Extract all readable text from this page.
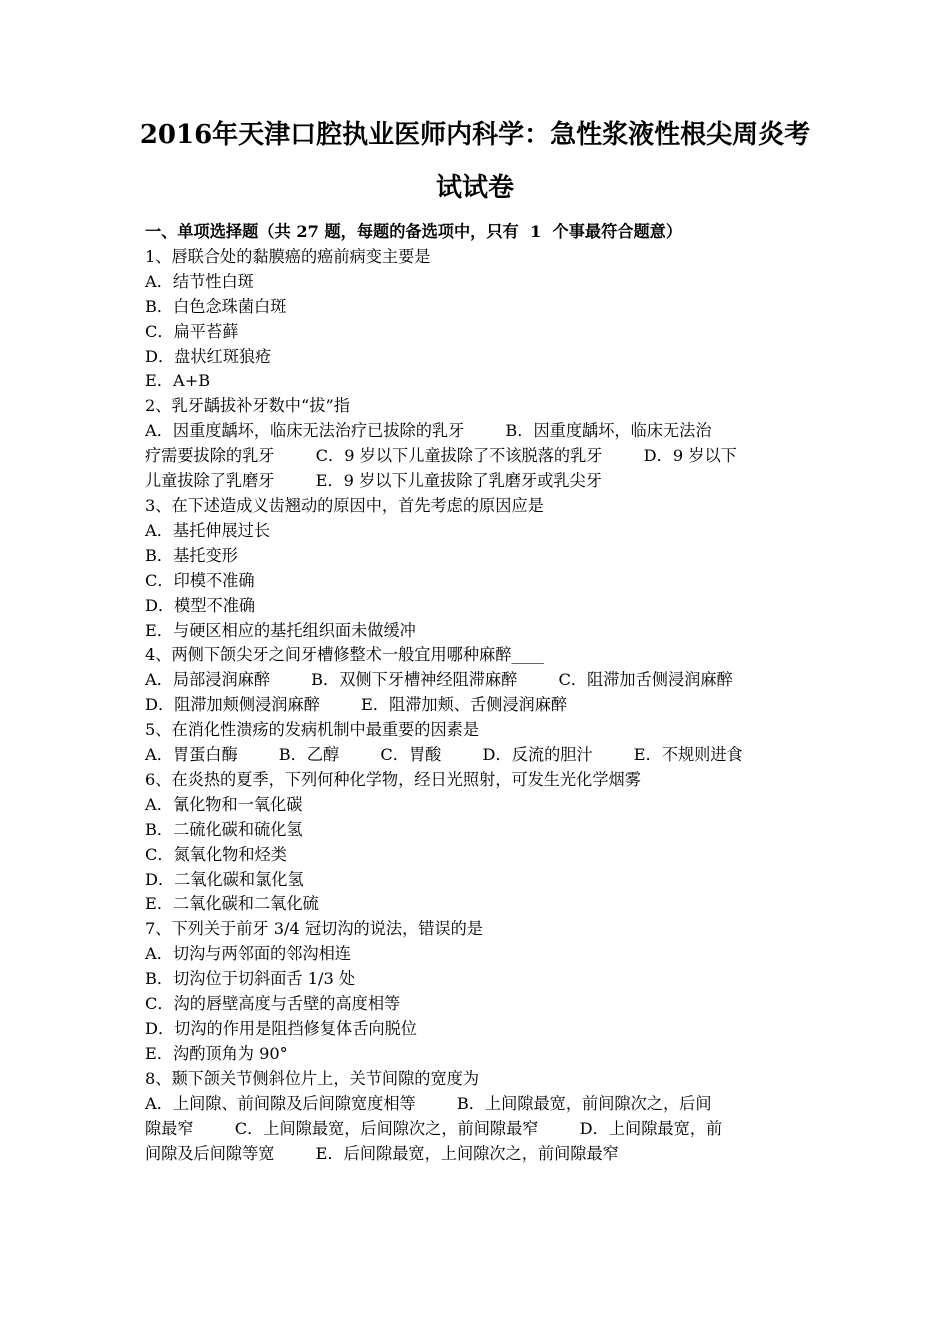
2016年天津口腔执业医师内科学：急性浆液性根尖周炎考
试试卷
一、单项选择题（共 27 题，每题的备选项中，只有  1  个事最符合题意）
1、唇联合处的黏膜癌的癌前病变主要是
A．结节性白斑
B．白色念珠菌白斑
C．扁平苔藓
D．盘状红斑狼疮
E．A+B
2、乳牙龋拔补牙数中“拔”指
A．因重度龋坏，临床无法治疗已拔除的乳牙        B．因重度龋坏，临床无法治
疗需要拔除的乳牙        C．9 岁以下儿童拔除了不该脱落的乳牙        D．9 岁以下
儿童拔除了乳磨牙        E．9 岁以下儿童拔除了乳磨牙或乳尖牙
3、在下述造成义齿翘动的原因中，首先考虑的原因应是
A．基托伸展过长
B．基托变形
C．印模不准确
D．模型不准确
E．与硬区相应的基托组织面未做缓冲
4、两侧下颌尖牙之间牙槽修整术一般宜用哪种麻醉____
A．局部浸润麻醉        B．双侧下牙槽神经阻滞麻醉        C．阻滞加舌侧浸润麻醉
D．阻滞加颊侧浸润麻醉        E．阻滞加颊、舌侧浸润麻醉
5、在消化性溃疡的发病机制中最重要的因素是
A．胃蛋白酶        B．乙醇        C．胃酸        D．反流的胆汁        E．不规则进食
6、在炎热的夏季，下列何种化学物，经日光照射，可发生光化学烟雾
A．氰化物和一氧化碳
B．二硫化碳和硫化氢
C．氮氧化物和烃类
D．二氧化碳和氯化氢
E．二氧化碳和二氧化硫
7、下列关于前牙 3/4 冠切沟的说法，错误的是
A．切沟与两邻面的邻沟相连
B．切沟位于切斜面舌 1/3 处
C．沟的唇壁高度与舌壁的高度相等
D．切沟的作用是阻挡修复体舌向脱位
E．沟酌顶角为 90°
8、颞下颌关节侧斜位片上，关节间隙的宽度为
A．上间隙、前间隙及后间隙宽度相等        B．上间隙最宽，前间隙次之，后间
隙最窄        C．上间隙最宽，后间隙次之，前间隙最窄        D．上间隙最宽，前
间隙及后间隙等宽        E．后间隙最宽，上间隙次之，前间隙最窄
